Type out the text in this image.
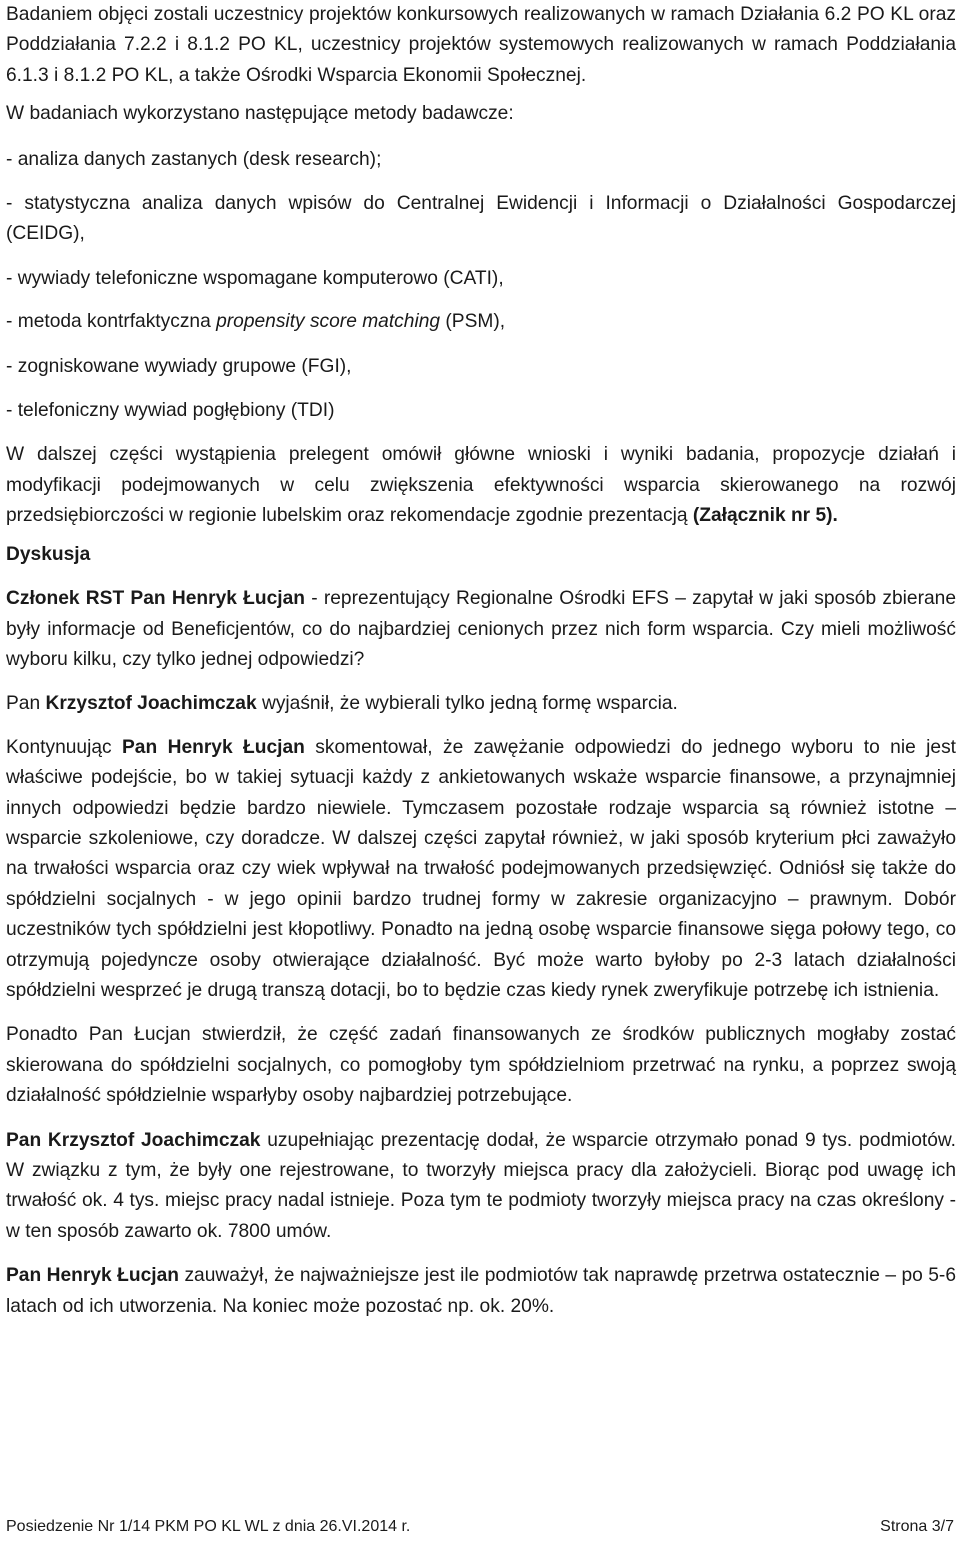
Badaniem objęci zostali uczestnicy projektów konkursowych realizowanych w ramach Działania 6.2 PO KL oraz Poddziałania 7.2.2 i 8.1.2 PO KL, uczestnicy projektów systemowych realizowanych w ramach Poddziałania 6.1.3 i 8.1.2 PO KL, a także Ośrodki Wsparcia Ekonomii Społecznej.

W badaniach wykorzystano następujące metody badawcze:

- analiza danych zastanych (desk research);

- statystyczna analiza danych wpisów do Centralnej Ewidencji i Informacji o Działalności Gospodarczej (CEIDG),

- wywiady telefoniczne wspomagane komputerowo (CATI),

- metoda kontrfaktyczna propensity score matching (PSM),

- zogniskowane wywiady grupowe (FGI),

- telefoniczny wywiad pogłębiony (TDI)

W dalszej części wystąpienia prelegent omówił główne wnioski i wyniki badania, propozycje działań i modyfikacji podejmowanych w celu zwiększenia efektywności wsparcia skierowanego na rozwój przedsiębiorczości w regionie lubelskim oraz rekomendacje zgodnie prezentacją (Załącznik nr 5).

Dyskusja

Członek RST Pan Henryk Łucjan - reprezentujący Regionalne Ośrodki EFS – zapytał w jaki sposób zbierane były informacje od Beneficjentów, co do najbardziej cenionych przez nich form wsparcia. Czy mieli możliwość wyboru kilku, czy tylko jednej odpowiedzi?

Pan Krzysztof Joachimczak wyjaśnił, że wybierali tylko jedną formę wsparcia.

Kontynuując Pan Henryk Łucjan skomentował, że zawężanie odpowiedzi do jednego wyboru to nie jest właściwe podejście, bo w takiej sytuacji każdy z ankietowanych wskaże wsparcie finansowe, a przynajmniej innych odpowiedzi będzie bardzo niewiele. Tymczasem pozostałe rodzaje wsparcia są również istotne – wsparcie szkoleniowe, czy doradcze. W dalszej części zapytał również, w jaki sposób kryterium płci zaważyło na trwałości wsparcia oraz czy wiek wpływał na trwałość podejmowanych przedsięwzięć. Odniósł się także do spółdzielni socjalnych - w jego opinii bardzo trudnej formy w zakresie organizacyjno – prawnym. Dobór uczestników tych spółdzielni jest kłopotliwy. Ponadto na jedną osobę wsparcie finansowe sięga połowy tego, co otrzymują pojedyncze osoby otwierające działalność. Być może warto byłoby po 2-3 latach działalności spółdzielni wesprzeć je drugą transzą dotacji, bo to będzie czas kiedy rynek zweryfikuje potrzebę ich istnienia.

Ponadto Pan Łucjan stwierdził, że część zadań finansowanych ze środków publicznych mogłaby zostać skierowana do spółdzielni socjalnych, co pomogłoby tym spółdzielniom przetrwać na rynku, a poprzez swoją działalność spółdzielnie wsparłyby osoby najbardziej potrzebujące.

Pan Krzysztof Joachimczak uzupełniając prezentację dodał, że wsparcie otrzymało ponad 9 tys. podmiotów. W związku z tym, że były one rejestrowane, to tworzyły miejsca pracy dla założycieli. Biorąc pod uwagę ich trwałość ok. 4 tys. miejsc pracy nadal istnieje. Poza tym te podmioty tworzyły miejsca pracy na czas określony - w ten sposób zawarto ok. 7800 umów.

Pan Henryk Łucjan zauważył, że najważniejsze jest ile podmiotów tak naprawdę przetrwa ostatecznie – po 5-6 latach od ich utworzenia. Na koniec może pozostać np. ok. 20%.

Posiedzenie Nr 1/14 PKM PO KL WL z dnia 26.VI.2014 r.	Strona 3/7
